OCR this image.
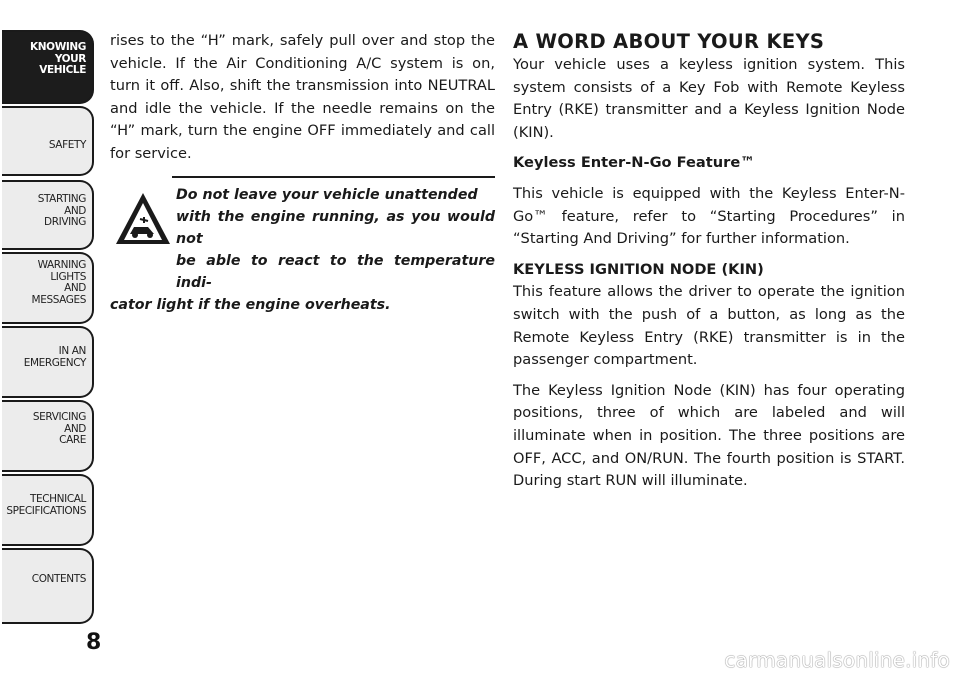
KNOWING
YOUR
VEHICLE
SAFETY
STARTING
AND
DRIVING
WARNING
LIGHTS
AND
MESSAGES
IN AN
EMERGENCY
SERVICING
AND
CARE
TECHNICAL
SPECIFICATIONS
CONTENTS
8

rises to the “H” mark, safely pull over and stop the vehicle. If the Air Conditioning A/C system is on, turn it off. Also, shift the transmission into NEUTRAL and idle the vehicle. If the needle remains on the “H” mark, turn the engine OFF immediately and call for service.

Do not leave your vehicle unattended
with the engine running, as you would not
be able to react to the temperature indi-
cator light if the engine overheats.

A WORD ABOUT YOUR KEYS

Your vehicle uses a keyless ignition system. This system consists of a Key Fob with Remote Keyless Entry (RKE) transmitter and a Keyless Ignition Node (KIN).

Keyless Enter-N-Go Feature™

This vehicle is equipped with the Keyless Enter-N-Go™ feature, refer to “Starting Procedures” in “Starting And Driving” for further information.

KEYLESS IGNITION NODE (KIN)

This feature allows the driver to operate the ignition switch with the push of a button, as long as the Remote Keyless Entry (RKE) transmitter is in the passenger compartment.

The Keyless Ignition Node (KIN) has four operating positions, three of which are labeled and will illuminate when in position. The three positions are OFF, ACC, and ON/RUN. The fourth position is START. During start RUN will illuminate.

carmanualsonline.info
